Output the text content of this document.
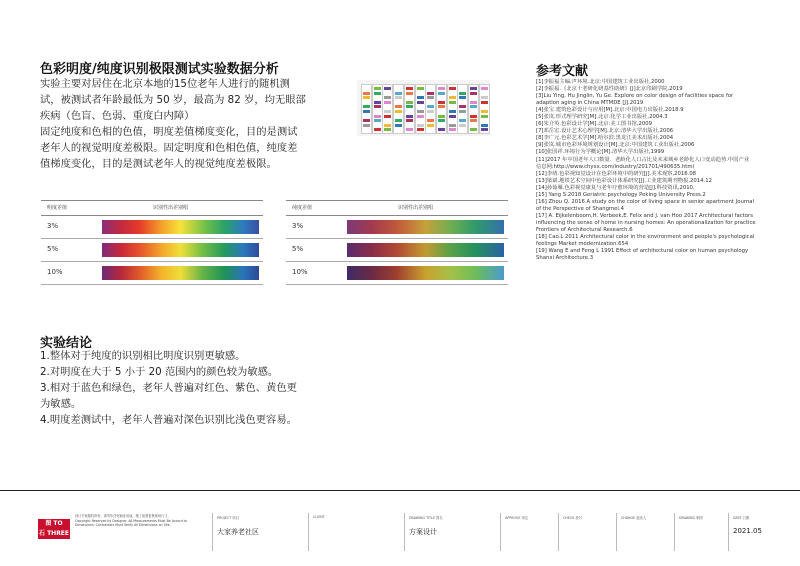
色彩明度/纯度识别极限测试实验数据分析
实验主要对居住在北京本地的15位老年人进行的随机测
试，被测试者年龄最低为 50 岁，最高为 82 岁，均无眼部
疾病（色盲、色弱、重度白内障）
固定纯度和色相的色值，明度差值梯度变化，目的是测试
老年人的视觉明度差极限。固定明度和色相色值，纯度差
值梯度变化，目的是测试老年人的视觉纯度差极限。
明度差值	识别性出差别唱
3%
5%
10%
纯度差值	识别性出差别唱
3%
5%
10%
参考文献
[1]李振福主编.声环境.北京:中国建筑工业出版社,2000
[2]李振福.《北京十老研化研基性助研》[J]北京印刷学院,2019
[3]Liu Ying, Hu Jinglin, Yu Ge. Explore on color design of facilities space for
adaption aging in China MTMDE [J].2019
[4]张宝.建筑色彩设计与应用[M].北京:中国电力出版社,2018.9
[5]张岚.形式理学研究[M].北京:化学工业出版社,2004.3
[6]朱介英.色彩设计学[M].北京:美工图书馆,2009
[7]邓岳宏.设计艺术心理学[M].北京:清华大学出版社,2006
[8]李广元.色彩艺术学[M].哈尔滨:黑龙江美术出版社,2004
[9]张岚.城市色彩环境规划设计[M].北京:中国建筑工业出版社,2006
[10]张国祥.环境行为学概论[M].清华大学出版社,1999
[11]2017 年中国老年人口数量、老龄化人口占比及未来城乡老龄化人口变动趋势.中国产业
信息网:http://www.chyxx.com/industry/201701/490635.html
[12]李靖.色彩视知觉设计在色彩环境中的研究[J].美术观察,2016.08
[13]梁斌.地铁艺术空间中色彩设计体系研究[J].工业建筑期刊物报,2014.12
[14]孙茹雁.色彩视觉康复与老年疗愈环境的营造[J].科技资讯,2010.
[15] Yang S.2018 Geriatric psychology Peking University Press.2
[16] Zhou Q. 2016 A study on the color of living space in senior apartment Journal
of the Perspective of Shangmei.4
[17] A. Eijkelenboom,H. Verbeek,E. Felix and J. van Hoo 2017 Architectural factors
influencing the sense of home in nursing homes: An operationalization for practice
Frontiers of Architectural Research.6
[18] Cao.L 2011 Architectural color in the environment and people's psychological
feelings Market modernization.654
[19] Wang E and Feng L 1991 Effect of architectural color on human psychology
Shanxi Architecture.3
实验结论
1.整体对于纯度的识别相比明度识别更敏感。
2.对明度在大于 5 小于 20 范围内的颜色较为敏感。
3.相对于蓝色和绿色，老年人普遍对红色、紫色、黄色更
为敏感。
4.明度差测试中，老年人普遍对深色识别比浅色更容易。
图 TO
石 THREE
设计方案版权所有，请勿作任何商业用途，施工前需复核现场尺寸。
Copyright Reserved by Designer. All Measurements Must Be Accord to
Dimensions. Contractors Must Verify All Dimensions on Site.
PROJECT 项目
大家养老社区
CLIENT	DRAWING TITLE 图名
方案设计
APPROVE 审定	CHECK 校对	CHANGE 更改人	DRAWING 制图	DATE 日期
2021.05
